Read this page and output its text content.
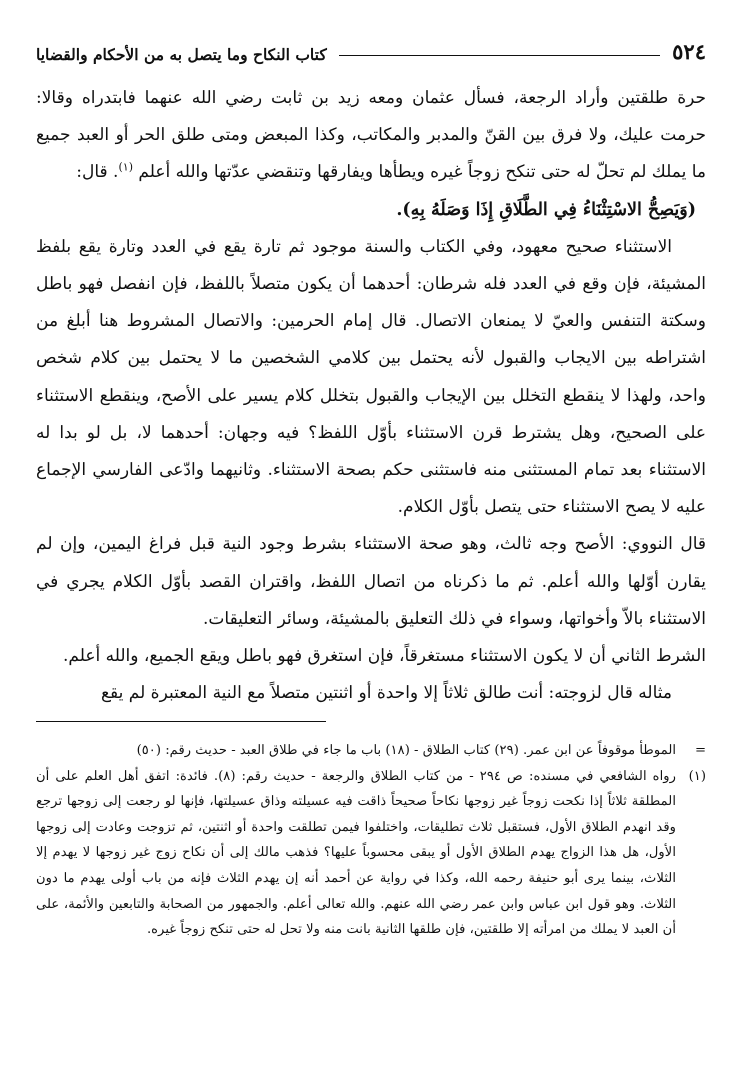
٥٢٤
كتاب النكاح وما يتصل به من الأحكام والقضايا

حرة طلقتين وأراد الرجعة، فسأل عثمان ومعه زيد بن ثابت رضي الله عنهما فابتدراه وقالا: حرمت عليك، ولا فرق بين القنّ والمدبر والمكاتب، وكذا المبعض ومتى طلق الحر أو العبد جميع ما يملك لم تحلّ له حتى تنكح زوجاً غيره ويطأها ويفارقها وتنقضي عدّتها والله أعلم $^{(١)}$. قال:

(وَيَصِحُّ الاسْتِثْنَاءُ فِي الطَّلَاقِ إِذَا وَصَلَهُ بِهِ).

الاستثناء صحيح معهود، وفي الكتاب والسنة موجود ثم تارة يقع في العدد وتارة يقع بلفظ المشيئة، فإن وقع في العدد فله شرطان: أحدهما أن يكون متصلاً باللفظ، فإن انفصل فهو باطل وسكتة التنفس والعيّ لا يمنعان الاتصال. قال إمام الحرمين: والاتصال المشروط هنا أبلغ من اشتراطه بين الايجاب والقبول لأنه يحتمل بين كلامي الشخصين ما لا يحتمل بين كلام شخص واحد، ولهذا لا ينقطع التخلل بين الإيجاب والقبول بتخلل كلام يسير على الأصح، وينقطع الاستثناء على الصحيح، وهل يشترط قرن الاستثناء بأوّل اللفظ؟ فيه وجهان: أحدهما لا، بل لو بدا له الاستثناء بعد تمام المستثنى منه فاستثنى حكم بصحة الاستثناء. وثانيهما وادّعى الفارسي الإجماع عليه لا يصح الاستثناء حتى يتصل بأوّل الكلام.

قال النووي: الأصح وجه ثالث، وهو صحة الاستثناء بشرط وجود النية قبل فراغ اليمين، وإن لم يقارن أوّلها والله أعلم. ثم ما ذكرناه من اتصال اللفظ، واقتران القصد بأوّل الكلام يجري في الاستثناء بالاّ وأخواتها، وسواء في ذلك التعليق بالمشيئة، وسائر التعليقات.

الشرط الثاني أن لا يكون الاستثناء مستغرقاً، فإن استغرق فهو باطل ويقع الجميع، والله أعلم.

مثاله قال لزوجته: أنت طالق ثلاثاً إلا واحدة أو اثنتين متصلاً مع النية المعتبرة لم يقع

=

الموطأ موقوفاً عن ابن عمر. (٢٩) كتاب الطلاق - (١٨) باب ما جاء في طلاق العبد - حديث رقم: (٥٠)

(١)

رواه الشافعي في مسنده: ص ٢٩٤ - من كتاب الطلاق والرجعة - حديث رقم: (٨). فائدة: اتفق أهل العلم على أن المطلقة ثلاثاً إذا نكحت زوجاً غير زوجها نكاحاً صحيحاً ذاقت فيه عسيلته وذاق عسيلتها، فإنها لو رجعت إلى زوجها ترجع وقد انهدم الطلاق الأول، فستقبل ثلاث تطليقات، واختلفوا فيمن تطلقت واحدة أو اثنتين، ثم تزوجت وعادت إلى زوجها الأول، هل هذا الزواج يهدم الطلاق الأول أو يبقى محسوباً عليها؟ فذهب مالك إلى أن نكاح زوج غير زوجها لا يهدم إلا الثلاث، بينما يرى أبو حنيفة رحمه الله، وكذا في رواية عن أحمد أنه إن يهدم الثلاث فإنه من باب أولى يهدم ما دون الثلاث. وهو قول ابن عباس وابن عمر رضي الله عنهم. والله تعالى أعلم. والجمهور من الصحابة والتابعين والأئمة، على أن العبد لا يملك من امرأته إلا طلقتين، فإن طلقها الثانية بانت منه ولا تحل له حتى تنكح زوجاً غيره.
